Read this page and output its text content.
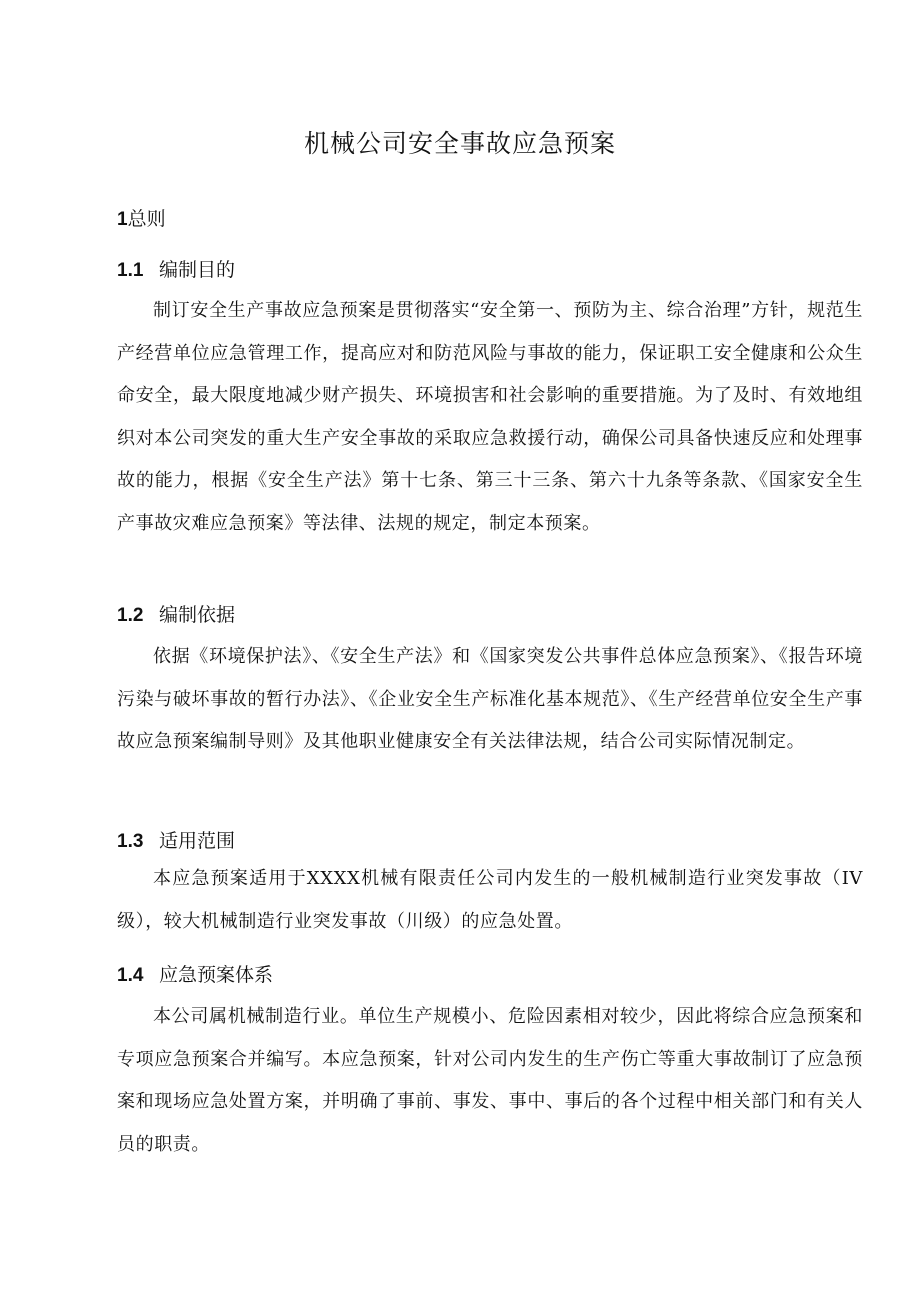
机械公司安全事故应急预案
1总则
1.1 编制目的
制订安全生产事故应急预案是贯彻落实“安全第一、预防为主、综合治理”方针，规范生产经营单位应急管理工作，提高应对和防范风险与事故的能力，保证职工安全健康和公众生命安全，最大限度地减少财产损失、环境损害和社会影响的重要措施。为了及时、有效地组织对本公司突发的重大生产安全事故的采取应急救援行动，确保公司具备快速反应和处理事故的能力，根据《安全生产法》第十七条、第三十三条、第六十九条等条款、《国家安全生产事故灾难应急预案》等法律、法规的规定，制定本预案。
1.2 编制依据
依据《环境保护法》、《安全生产法》和《国家突发公共事件总体应急预案》、《报告环境污染与破坏事故的暂行办法》、《企业安全生产标准化基本规范》、《生产经营单位安全生产事故应急预案编制导则》及其他职业健康安全有关法律法规，结合公司实际情况制定。
1.3 适用范围
本应急预案适用于XXXX机械有限责任公司内发生的一般机械制造行业突发事故（IV级），较大机械制造行业突发事故（川级）的应急处置。
1.4 应急预案体系
本公司属机械制造行业。单位生产规模小、危险因素相对较少，因此将综合应急预案和专项应急预案合并编写。本应急预案，针对公司内发生的生产伤亡等重大事故制订了应急预案和现场应急处置方案，并明确了事前、事发、事中、事后的各个过程中相关部门和有关人员的职责。
